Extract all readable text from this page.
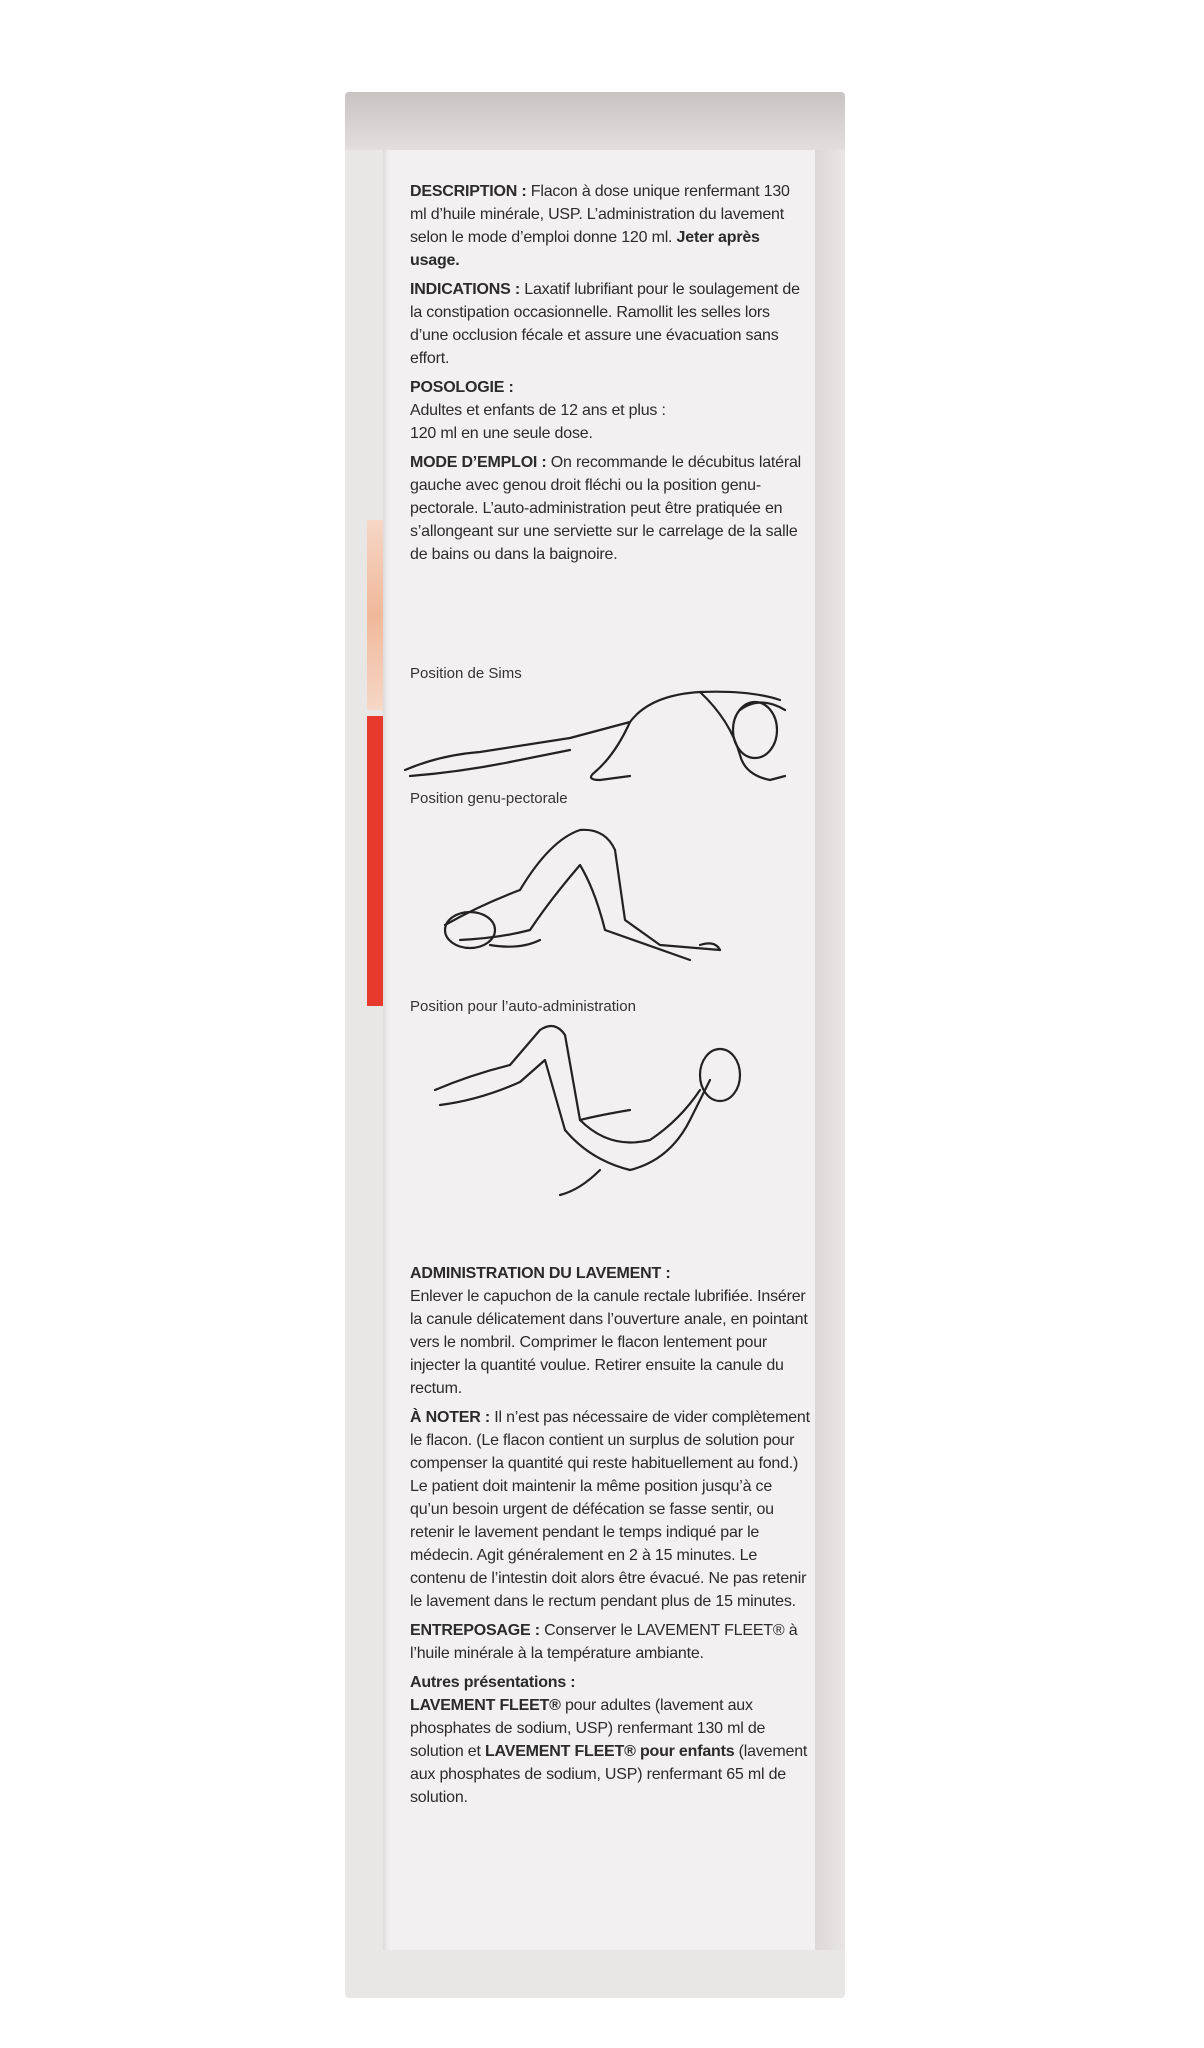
DESCRIPTION : Flacon à dose unique renfermant 130 ml d’huile minérale, USP. L’administration du lavement selon le mode d’emploi donne 120 ml. Jeter après usage.

INDICATIONS : Laxatif lubrifiant pour le soulagement de la constipation occasionnelle. Ramollit les selles lors d’une occlusion fécale et assure une évacuation sans effort.

POSOLOGIE :
Adultes et enfants de 12 ans et plus :
120 ml en une seule dose.

MODE D’EMPLOI : On recommande le décubitus latéral gauche avec genou droit fléchi ou la position genu-pectorale. L’auto-administration peut être pratiquée en s’allongeant sur une serviette sur le carrelage de la salle de bains ou dans la baignoire.

Position de Sims
Position genu-pectorale
Position pour l’auto-administration

ADMINISTRATION DU LAVEMENT :
Enlever le capuchon de la canule rectale lubrifiée. Insérer la canule délicatement dans l’ouverture anale, en pointant vers le nombril. Comprimer le flacon lentement pour injecter la quantité voulue. Retirer ensuite la canule du rectum.

À NOTER : Il n’est pas nécessaire de vider complètement le flacon. (Le flacon contient un surplus de solution pour compenser la quantité qui reste habituellement au fond.) Le patient doit maintenir la même position jusqu’à ce qu’un besoin urgent de défécation se fasse sentir, ou retenir le lavement pendant le temps indiqué par le médecin. Agit généralement en 2 à 15 minutes. Le contenu de l’intestin doit alors être évacué. Ne pas retenir le lavement dans le rectum pendant plus de 15 minutes.

ENTREPOSAGE : Conserver le LAVEMENT FLEET® à l’huile minérale à la température ambiante.

Autres présentations :
LAVEMENT FLEET® pour adultes (lavement aux phosphates de sodium, USP) renfermant 130 ml de solution et LAVEMENT FLEET® pour enfants (lavement aux phosphates de sodium, USP) renfermant 65 ml de solution.
